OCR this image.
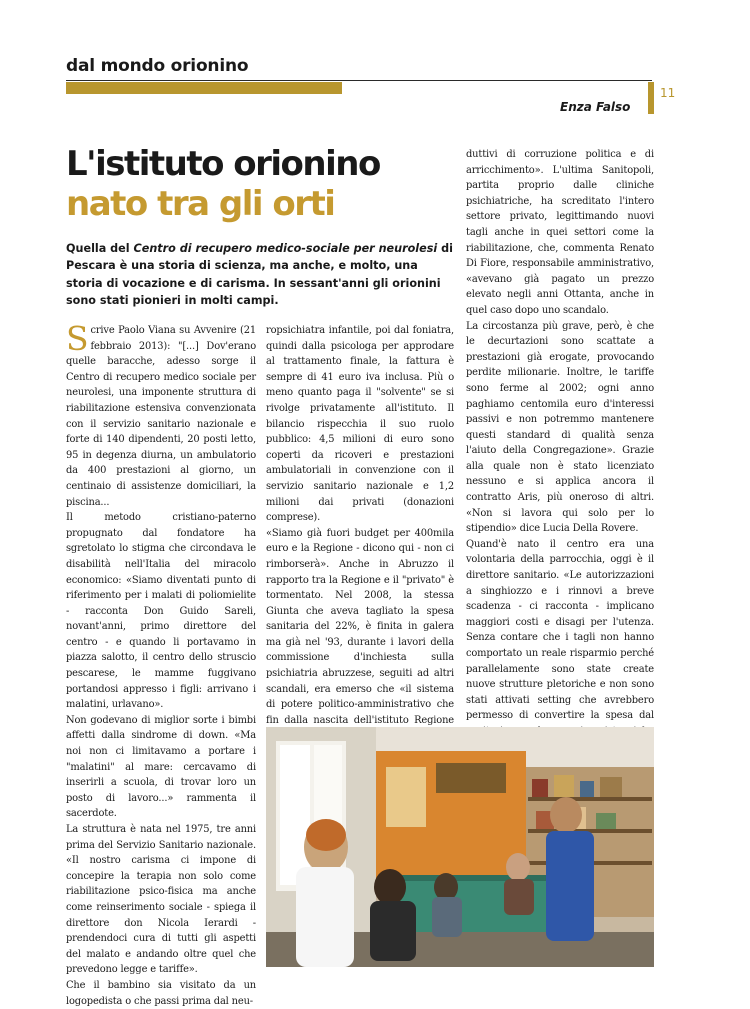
dal mondo orionino
Enza Falso
11
L'istituto orionino
nato tra gli orti
Quella del Centro di recupero medico-sociale per neurolesi di Pescara è una storia di scienza, ma anche, e molto, una storia di vocazione e di carisma. In sessant'anni gli orionini sono stati pionieri in molti campi.

Scrive Paolo Viana su Avvenire (21 febbraio 2013): "[...] Dov'erano quelle baracche, adesso sorge il Centro di recupero medico sociale per neurolesi, una imponente struttura di riabilitazione estensiva convenzionata con il servizio sanitario nazionale e forte di 140 dipendenti, 20 posti letto, 95 in degenza diurna, un ambulatorio da 400 prestazioni al giorno, un centinaio di assistenze domiciliari, la piscina...

Il metodo cristiano-paterno propugnato dal fondatore ha sgretolato lo stigma che circondava le disabilità nell'Italia del miracolo economico: «Siamo diventati punto di riferimento per i malati di poliomielite - racconta Don Guido Sareli, novant'anni, primo direttore del centro - e quando li portavamo in piazza salotto, il centro dello struscio pescarese, le mamme fuggivano portandosi appresso i figli: arrivano i malatini, urlavano».

Non godevano di miglior sorte i bimbi affetti dalla sindrome di down. «Ma noi non ci limitavamo a portare i "malatini" al mare: cercavamo di inserirli a scuola, di trovar loro un posto di lavoro...» rammenta il sacerdote.

La struttura è nata nel 1975, tre anni prima del Servizio Sanitario nazionale. «Il nostro carisma ci impone di concepire la terapia non solo come riabilitazione psico-fisica ma anche come reinserimento sociale - spiega il direttore don Nicola Ierardi - prendendoci cura di tutti gli aspetti del malato e andando oltre quel che prevedono legge e tariffe».

Che il bambino sia visitato da un logopedista o che passi prima dal neu-

ropsichiatra infantile, poi dal foniatra, quindi dalla psicologa per approdare al trattamento finale, la fattura è sempre di 41 euro iva inclusa. Più o meno quanto paga il "solvente" se si rivolge privatamente all'istituto. Il bilancio rispecchia il suo ruolo pubblico: 4,5 milioni di euro sono coperti da ricoveri e prestazioni ambulatoriali in convenzione con il servizio sanitario nazionale e 1,2 milioni dai privati (donazioni comprese).

«Siamo già fuori budget per 400mila euro e la Regione - dicono qui - non ci rimborserà». Anche in Abruzzo il rapporto tra la Regione e il "privato" è tormentato. Nel 2008, la stessa Giunta che aveva tagliato la spesa sanitaria del 22%, è finita in galera ma già nel '93, durante i lavori della commissione d'inchiesta sulla psichiatria abruzzese, seguiti ad altri scandali, era emerso che «il sistema di potere politico-amministrativo che fin dalla nascita dell'istituto Regione

duttivi di corruzione politica e di arricchimento». L'ultima Sanitopoli, partita proprio dalle cliniche psichiatriche, ha screditato l'intero settore privato, legittimando nuovi tagli anche in quei settori come la riabilitazione, che, commenta Renato Di Fiore, responsabile amministrativo, «avevano già pagato un prezzo elevato negli anni Ottanta, anche in quel caso dopo uno scandalo.

La circostanza più grave, però, è che le decurtazioni sono scattate a prestazioni già erogate, provocando perdite milionarie. Inoltre, le tariffe sono ferme al 2002; ogni anno paghiamo centomila euro d'interessi passivi e non potremmo mantenere questi standard di qualità senza l'aiuto della Congregazione». Grazie alla quale non è stato licenziato nessuno e si applica ancora il contratto Aris, più oneroso di altri. «Non si lavora qui solo per lo stipendio» dice Lucia Della Rovere.

Quand'è nato il centro era una volontaria della parrocchia, oggi è il direttore sanitario. «Le autorizzazioni a singhiozzo e i rinnovi a breve scadenza - ci racconta - implicano maggiori costi e disagi per l'utenza. Senza contare che i tagli non hanno comportato un reale risparmio perché parallelamente sono state create nuove strutture pletoriche e non sono stati attivati setting che avrebbero permesso di convertire la spesa dal
